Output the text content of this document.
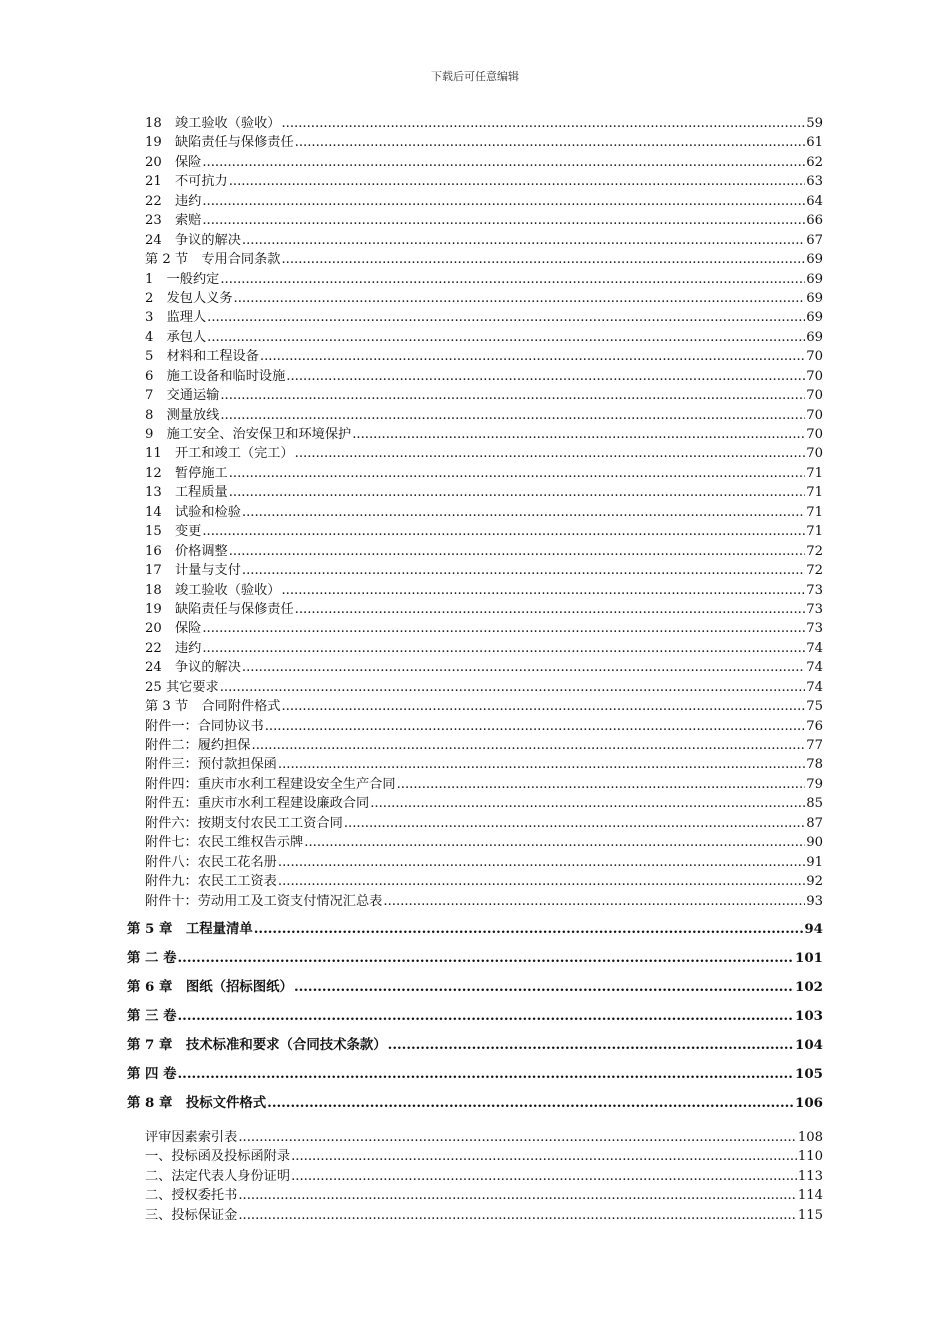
下载后可任意编辑
18　竣工验收（验收） .....	59
19　缺陷责任与保修责任 .....	61
20　保险 .....	62
21　不可抗力 .....	63
22　违约 .....	64
23　索赔 .....	66
24　争议的解决 .....	67
第 2 节　专用合同条款 .....	69
1　一般约定 .....	69
2　发包人义务 .....	69
3　监理人 .....	69
4　承包人 .....	69
5　材料和工程设备 .....	70
6　施工设备和临时设施 .....	70
7　交通运输 .....	70
8　测量放线 .....	70
9　施工安全、治安保卫和环境保护 .....	70
11　开工和竣工（完工） .....	70
12　暂停施工 .....	71
13　工程质量 .....	71
14　试验和检验 .....	71
15　变更 .....	71
16　价格调整 .....	72
17　计量与支付 .....	72
18　竣工验收（验收） .....	73
19　缺陷责任与保修责任 .....	73
20　保险 .....	73
22　违约 .....	74
24　争议的解决 .....	74
25 其它要求 .....	74
第 3 节　合同附件格式 .....	75
附件一：合同协议书 .....	76
附件二：履约担保 .....	77
附件三：预付款担保函 .....	78
附件四：重庆市水利工程建设安全生产合同 .....	79
附件五：重庆市水利工程建设廉政合同 .....	85
附件六：按期支付农民工工资合同 .....	87
附件七：农民工维权告示牌 .....	90
附件八：农民工花名册 .....	91
附件九：农民工工资表 .....	92
附件十：劳动用工及工资支付情况汇总表 .....	93
第 5 章　工程量清单 .....	94
第 二 卷 .....	101
第 6 章　图纸（招标图纸） .....	102
第 三 卷 .....	103
第 7 章　技术标准和要求（合同技术条款） .....	104
第 四 卷 .....	105
第 8 章　投标文件格式 .....	106
评审因素索引表 .....	108
一、投标函及投标函附录 .....	110
二、法定代表人身份证明 .....	113
二、授权委托书 .....	114
三、投标保证金 .....	115
